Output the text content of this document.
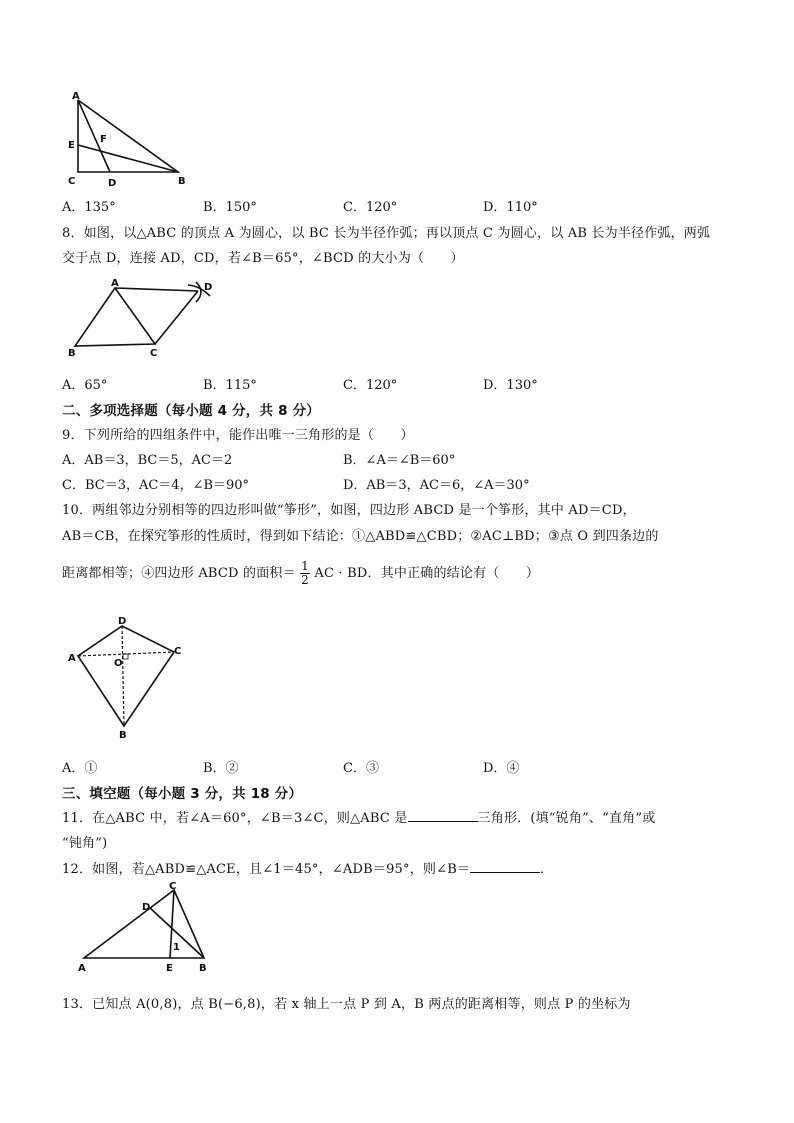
A
E
F
C	D	B
A．135°	B．150°	C．120°	D．110°
8．如图，以△ABC 的顶点 A 为圆心，以 BC 长为半径作弧；再以顶点 C 为圆心，以 AB 长为半径作弧，两弧
交于点 D，连接 AD，CD，若∠B＝65°，∠BCD 的大小为（　　）
A	D
B	C
A．65°	B．115°	C．120°	D．130°
二、多项选择题（每小题 4 分，共 8 分）
9．下列所给的四组条件中，能作出唯一三角形的是（　　）
A．AB＝3，BC＝5，AC＝2	B．∠A＝∠B＝60°
C．BC＝3，AC＝4，∠B＝90°	D．AB＝3，AC＝6，∠A＝30°
10．两组邻边分别相等的四边形叫做“筝形”，如图，四边形 ABCD 是一个筝形，其中 AD＝CD，
AB＝CB，在探究筝形的性质时，得到如下结论：①△ABD≌△CBD；②AC⊥BD；③点 O 到四条边的
距离都相等；④四边形 ABCD 的面积＝ $\frac{1}{2}$ AC · BD．其中正确的结论有（　　）
D
A	O
C
B
A．①	B．②	C．③	D．④
三、填空题（每小题 3 分，共 18 分）
11．在△ABC 中，若∠A＝60°，∠B＝3∠C，则△ABC 是	三角形．(填“锐角”、“直角”或
“钝角”)
12．如图，若△ABD≌△ACE，且∠1＝45°，∠ADB＝95°，则∠B＝	．
C
D
1
A	E	B
13．已知点 A(0,8)，点 B(−6,8)，若 x 轴上一点 P 到 A，B 两点的距离相等，则点 P 的坐标为
